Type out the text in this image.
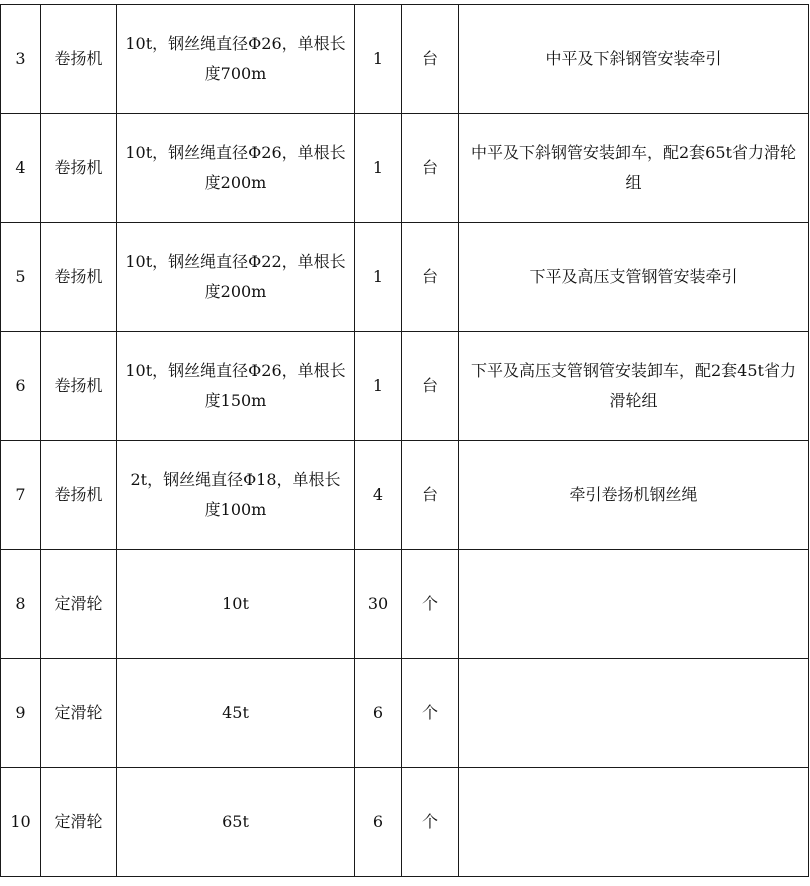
3	卷扬机	10t，钢丝绳直径Φ26，单根长度700m	1	台	中平及下斜钢管安装牵引
4	卷扬机	10t，钢丝绳直径Φ26，单根长度200m	1	台	中平及下斜钢管安装卸车，配2套65t省力滑轮组
5	卷扬机	10t，钢丝绳直径Φ22，单根长度200m	1	台	下平及高压支管钢管安装牵引
6	卷扬机	10t，钢丝绳直径Φ26，单根长度150m	1	台	下平及高压支管钢管安装卸车，配2套45t省力滑轮组
7	卷扬机	2t，钢丝绳直径Φ18，单根长度100m	4	台	牵引卷扬机钢丝绳
8	定滑轮	10t	30	个	
9	定滑轮	45t	6	个	
10	定滑轮	65t	6	个	
